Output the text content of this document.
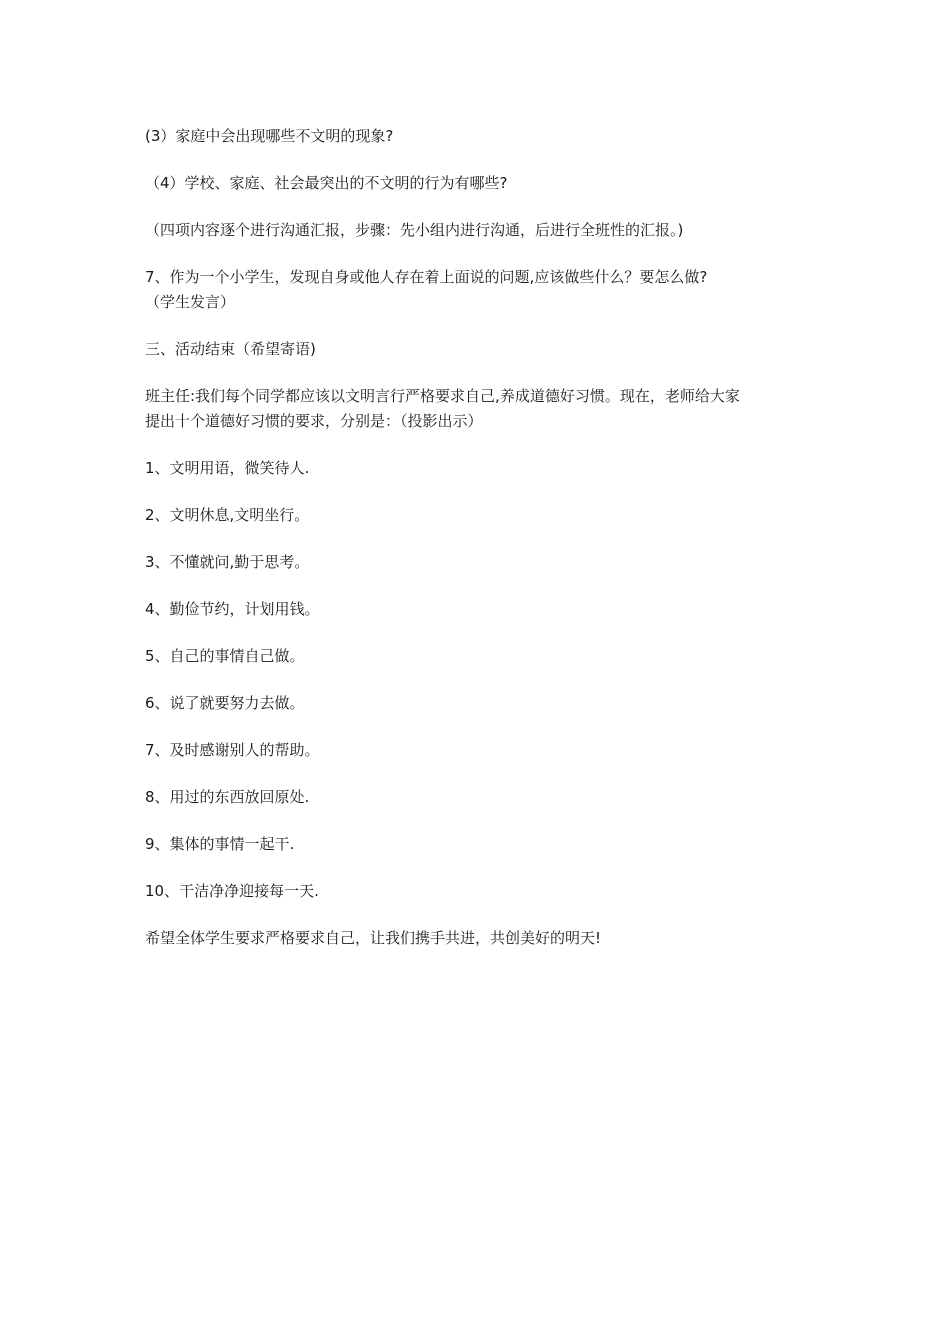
(3）家庭中会出现哪些不文明的现象?
（4）学校、家庭、社会最突出的不文明的行为有哪些?
（四项内容逐个进行沟通汇报，步骤：先小组内进行沟通，后进行全班性的汇报。)
7、作为一个小学生，发现自身或他人存在着上面说的问题,应该做些什么？要怎么做?
（学生发言）
三、活动结束（希望寄语)
班主任:我们每个同学都应该以文明言行严格要求自己,养成道德好习惯。现在，老师给大家
提出十个道德好习惯的要求，分别是：（投影出示）
1、文明用语，微笑待人.
2、文明休息,文明坐行。
3、不懂就问,勤于思考。
4、勤俭节约，计划用钱。
5、自己的事情自己做。
6、说了就要努力去做。
7、及时感谢别人的帮助。
8、用过的东西放回原处.
9、集体的事情一起干.
10、干洁净净迎接每一天.
希望全体学生要求严格要求自己，让我们携手共进，共创美好的明天!
